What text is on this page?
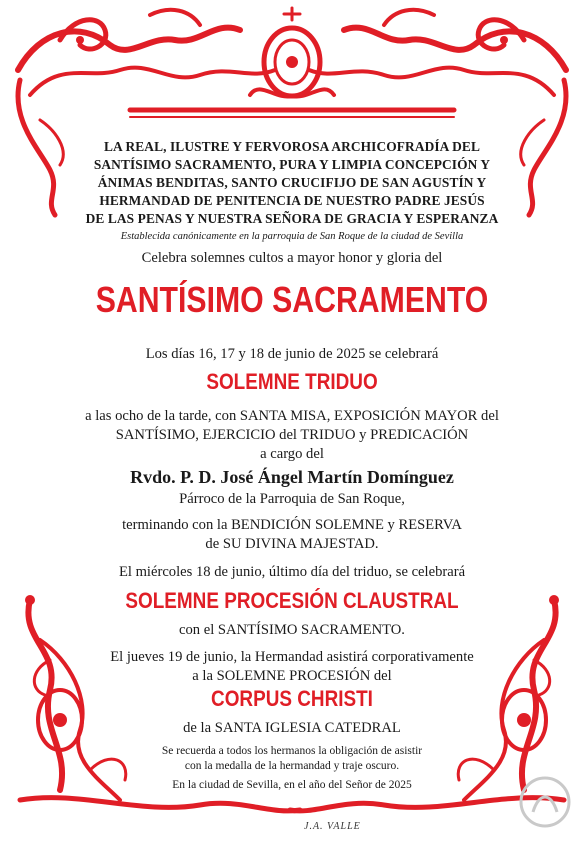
LA REAL, ILUSTRE Y FERVOROSA ARCHICOFRADÍA DEL
SANTÍSIMO SACRAMENTO, PURA Y LIMPIA CONCEPCIÓN Y
ÁNIMAS BENDITAS, SANTO CRUCIFIJO DE SAN AGUSTÍN Y
HERMANDAD DE PENITENCIA DE NUESTRO PADRE JESÚS
DE LAS PENAS Y NUESTRA SEÑORA DE GRACIA Y ESPERANZA
Establecida canónicamente en la parroquia de San Roque de la ciudad de Sevilla
Celebra solemnes cultos a mayor honor y gloria del
SANTÍSIMO SACRAMENTO
Los días 16, 17 y 18 de junio de 2025 se celebrará
SOLEMNE TRIDUO
a las ocho de la tarde, con SANTA MISA, EXPOSICIÓN MAYOR del
SANTÍSIMO, EJERCICIO del TRIDUO y PREDICACIÓN
a cargo del
Rvdo. P. D. José Ángel Martín Domínguez
Párroco de la Parroquia de San Roque,
terminando con la BENDICIÓN SOLEMNE y RESERVA
de SU DIVINA MAJESTAD.
El miércoles 18 de junio, último día del triduo, se celebrará
SOLEMNE PROCESIÓN CLAUSTRAL
con el SANTÍSIMO SACRAMENTO.
El jueves 19 de junio, la Hermandad asistirá corporativamente
a la SOLEMNE PROCESIÓN del
CORPUS CHRISTI
de la SANTA IGLESIA CATEDRAL
Se recuerda a todos los hermanos la obligación de asistir
con la medalla de la hermandad y traje oscuro.
En la ciudad de Sevilla, en el año del Señor de 2025
J.A. VALLE
